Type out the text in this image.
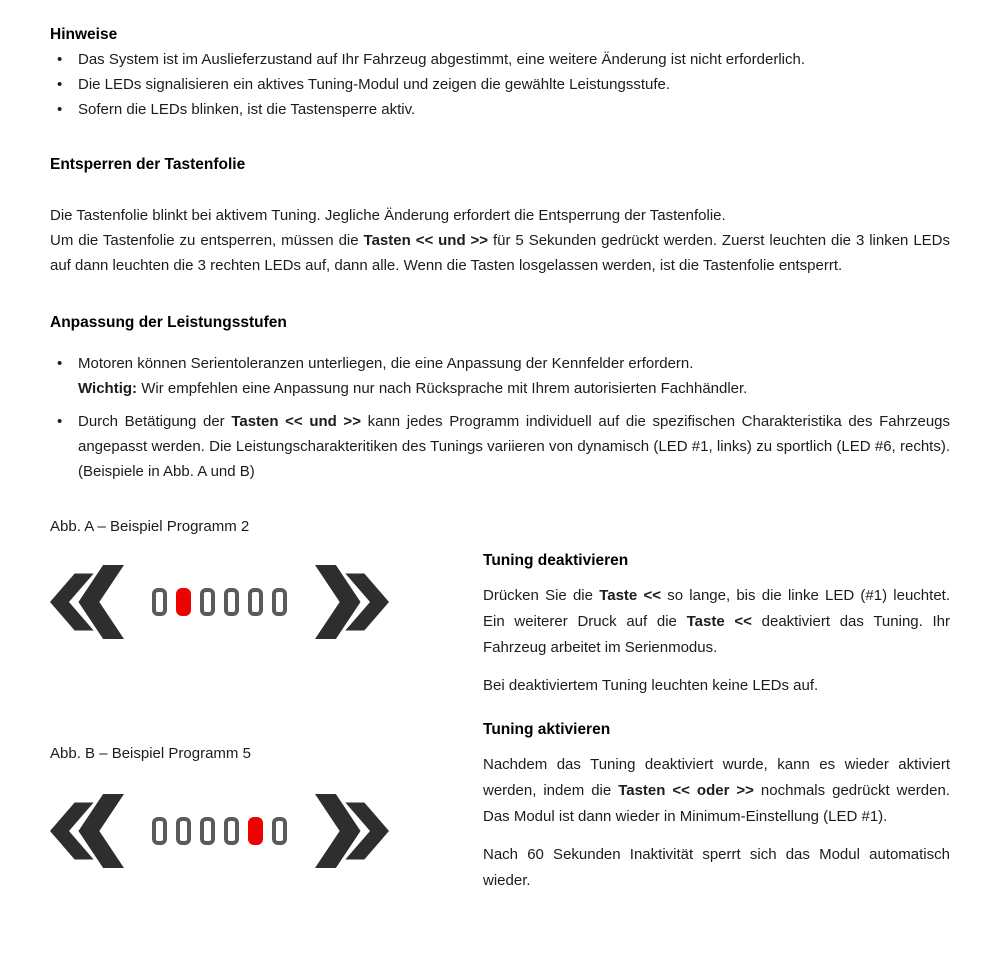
Hinweise

•	Das System ist im Auslieferzustand auf Ihr Fahrzeug abgestimmt, eine weitere Änderung ist nicht erforderlich.
•	Die LEDs signalisieren ein aktives Tuning-Modul und zeigen die gewählte Leistungsstufe.
•	Sofern die LEDs blinken, ist die Tastensperre aktiv.

Entsperren der Tastenfolie

Die Tastenfolie blinkt bei aktivem Tuning. Jegliche Änderung erfordert die Entsperrung der Tastenfolie.
Um die Tastenfolie zu entsperren, müssen die Tasten << und >> für 5 Sekunden gedrückt werden. Zuerst leuchten die 3 linken LEDs auf dann leuchten die 3 rechten LEDs auf, dann alle. Wenn die Tasten losgelassen werden, ist die Tastenfolie entsperrt.

Anpassung der Leistungsstufen

•	Motoren können Serientoleranzen unterliegen, die eine Anpassung der Kennfelder erfordern.
Wichtig: Wir empfehlen eine Anpassung nur nach Rücksprache mit Ihrem autorisierten Fachhändler.
•	Durch Betätigung der Tasten << und >> kann jedes Programm individuell auf die spezifischen Charakteristika des Fahrzeugs angepasst werden. Die Leistungscharakteritiken des Tunings variieren von dynamisch (LED #1, links) zu sportlich (LED #6, rechts).(Beispiele in Abb. A und B)

Abb. A – Beispiel Programm 2

Abb. B – Beispiel Programm 5

Tuning deaktivieren

Drücken Sie die Taste << so lange, bis die linke LED (#1) leuchtet. Ein weiterer Druck auf die Taste << deaktiviert das Tuning. Ihr Fahrzeug arbeitet im Serienmodus.

Bei deaktiviertem Tuning leuchten keine LEDs auf.

Tuning aktivieren

Nachdem das Tuning deaktiviert wurde, kann es wieder aktiviert werden, indem die Tasten << oder >> nochmals gedrückt werden. Das Modul ist dann wieder in Minimum-Einstellung (LED #1).

Nach 60 Sekunden Inaktivität sperrt sich das Modul automatisch wieder.
